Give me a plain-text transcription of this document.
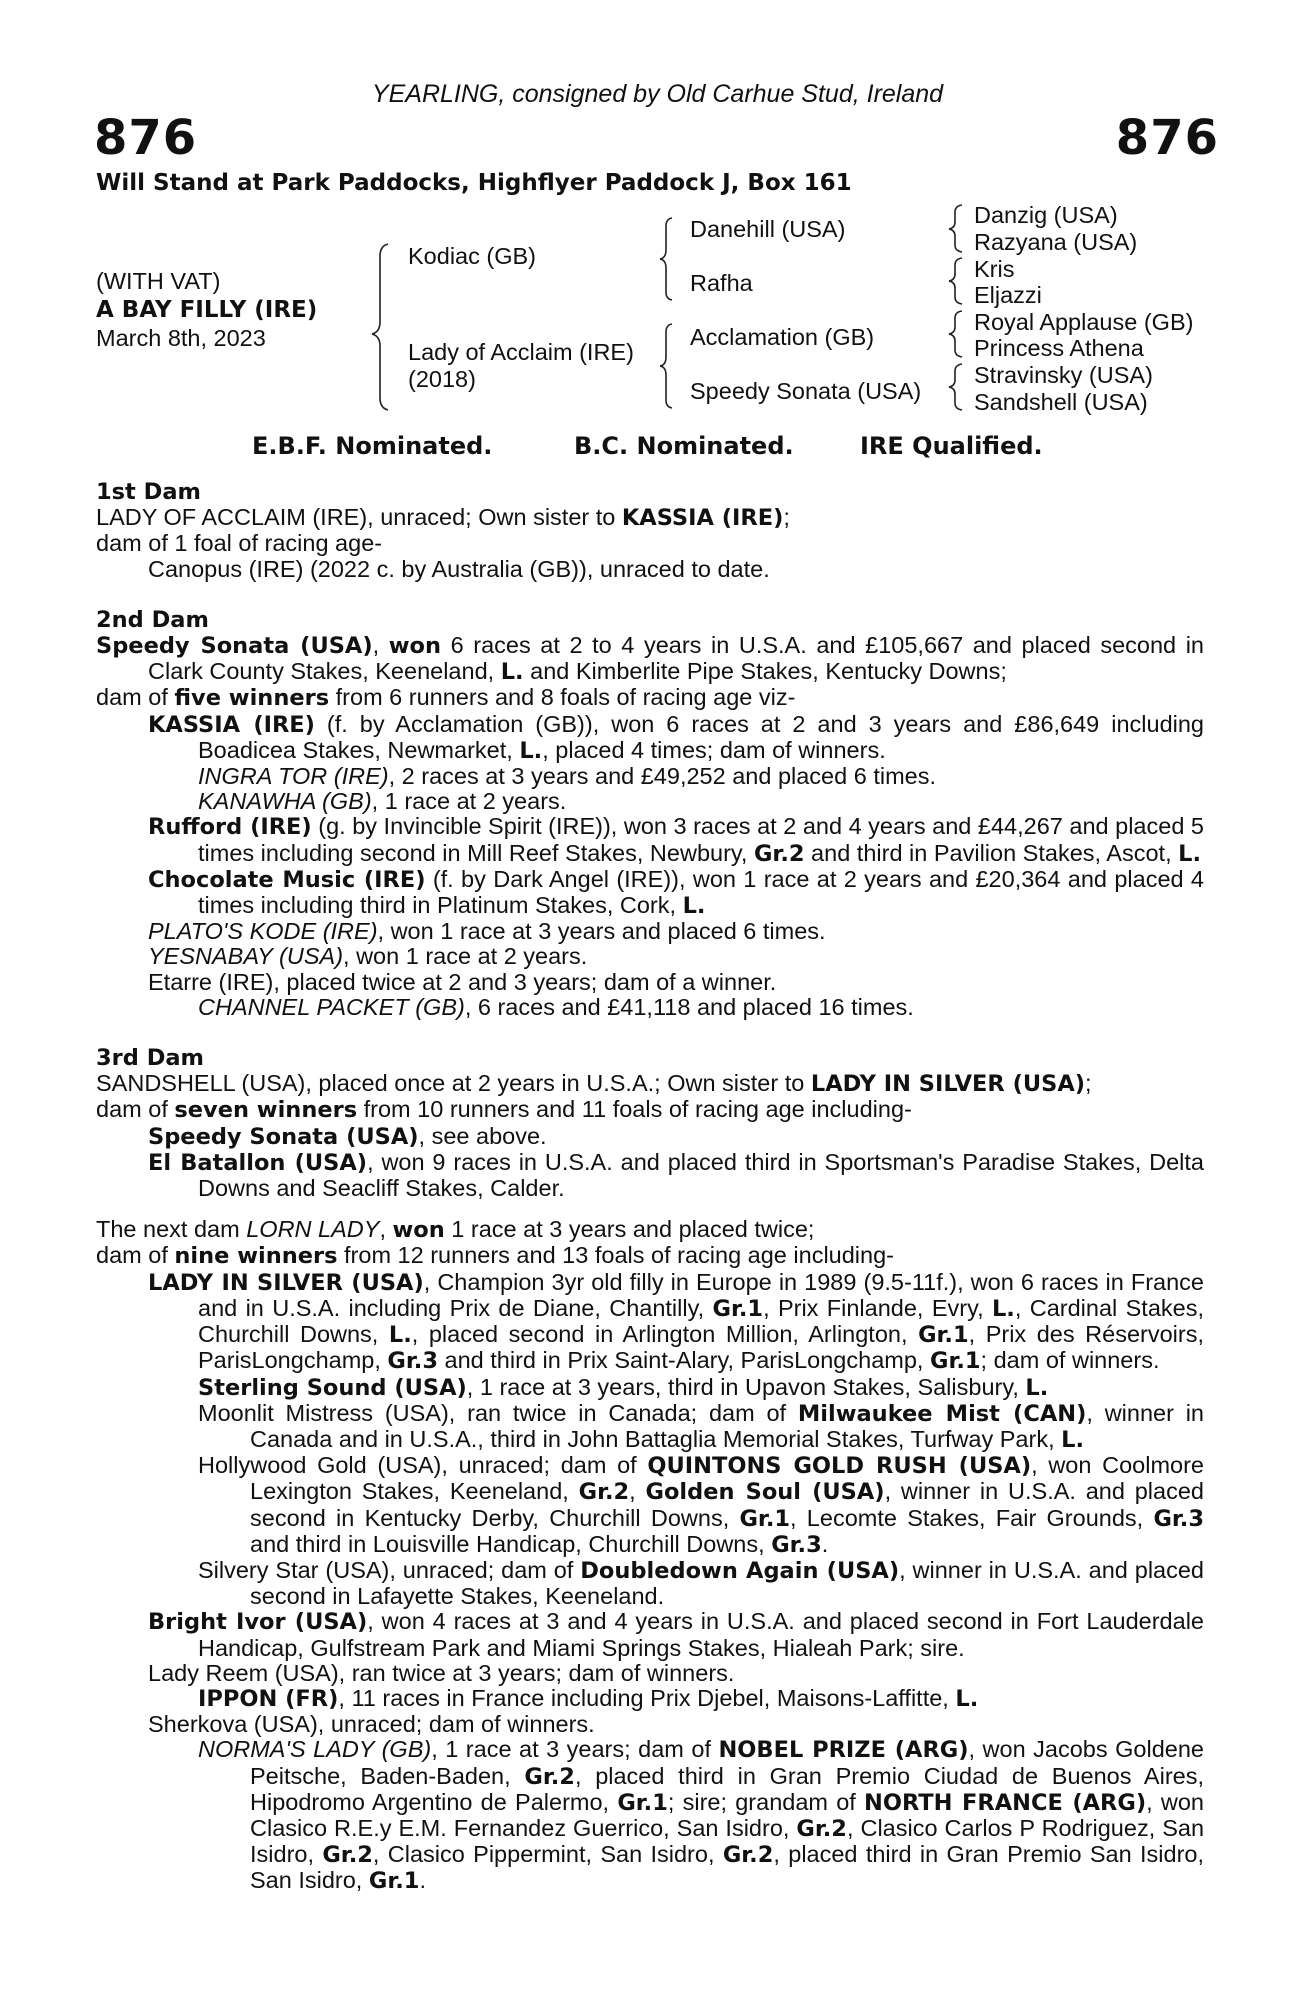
YEARLING, consigned by Old Carhue Stud, Ireland
876	876
Will Stand at Park Paddocks, Highflyer Paddock J, Box 161
(WITH VAT)
A BAY FILLY (IRE)
March 8th, 2023
Kodiac (GB)
Lady of Acclaim (IRE)
(2018)
Danehill (USA)
Rafha
Acclamation (GB)
Speedy Sonata (USA)
Danzig (USA)
Razyana (USA)
Kris
Eljazzi
Royal Applause (GB)
Princess Athena
Stravinsky (USA)
Sandshell (USA)
E.B.F. Nominated.	B.C. Nominated.	IRE Qualified.

1st Dam

LADY OF ACCLAIM (IRE), unraced; Own sister to KASSIA (IRE);

dam of 1 foal of racing age-

Canopus (IRE) (2022 c. by Australia (GB)), unraced to date.

2nd Dam

Speedy Sonata (USA), won 6 races at 2 to 4 years in U.S.A. and £105,667 and placed second in Clark County Stakes, Keeneland, L. and Kimberlite Pipe Stakes, Kentucky Downs;

dam of five winners from 6 runners and 8 foals of racing age viz-

KASSIA (IRE) (f. by Acclamation (GB)), won 6 races at 2 and 3 years and £86,649 including Boadicea Stakes, Newmarket, L., placed 4 times; dam of winners.

INGRA TOR (IRE), 2 races at 3 years and £49,252 and placed 6 times.

KANAWHA (GB), 1 race at 2 years.

Rufford (IRE) (g. by Invincible Spirit (IRE)), won 3 races at 2 and 4 years and £44,267 and placed 5 times including second in Mill Reef Stakes, Newbury, Gr.2 and third in Pavilion Stakes, Ascot, L.

Chocolate Music (IRE) (f. by Dark Angel (IRE)), won 1 race at 2 years and £20,364 and placed 4 times including third in Platinum Stakes, Cork, L.

PLATO'S KODE (IRE), won 1 race at 3 years and placed 6 times.

YESNABAY (USA), won 1 race at 2 years.

Etarre (IRE), placed twice at 2 and 3 years; dam of a winner.

CHANNEL PACKET (GB), 6 races and £41,118 and placed 16 times.

3rd Dam

SANDSHELL (USA), placed once at 2 years in U.S.A.; Own sister to LADY IN SILVER (USA);

dam of seven winners from 10 runners and 11 foals of racing age including-

Speedy Sonata (USA), see above.

El Batallon (USA), won 9 races in U.S.A. and placed third in Sportsman's Paradise Stakes, Delta Downs and Seacliff Stakes, Calder.

The next dam LORN LADY, won 1 race at 3 years and placed twice;

dam of nine winners from 12 runners and 13 foals of racing age including-

LADY IN SILVER (USA), Champion 3yr old filly in Europe in 1989 (9.5-11f.), won 6 races in France and in U.S.A. including Prix de Diane, Chantilly, Gr.1, Prix Finlande, Evry, L., Cardinal Stakes, Churchill Downs, L., placed second in Arlington Million, Arlington, Gr.1, Prix des Réservoirs, ParisLongchamp, Gr.3 and third in Prix Saint-Alary, ParisLongchamp, Gr.1; dam of winners.

Sterling Sound (USA), 1 race at 3 years, third in Upavon Stakes, Salisbury, L.

Moonlit Mistress (USA), ran twice in Canada; dam of Milwaukee Mist (CAN), winner in Canada and in U.S.A., third in John Battaglia Memorial Stakes, Turfway Park, L.

Hollywood Gold (USA), unraced; dam of QUINTONS GOLD RUSH (USA), won Coolmore Lexington Stakes, Keeneland, Gr.2, Golden Soul (USA), winner in U.S.A. and placed second in Kentucky Derby, Churchill Downs, Gr.1, Lecomte Stakes, Fair Grounds, Gr.3 and third in Louisville Handicap, Churchill Downs, Gr.3.

Silvery Star (USA), unraced; dam of Doubledown Again (USA), winner in U.S.A. and placed second in Lafayette Stakes, Keeneland.

Bright Ivor (USA), won 4 races at 3 and 4 years in U.S.A. and placed second in Fort Lauderdale Handicap, Gulfstream Park and Miami Springs Stakes, Hialeah Park; sire.

Lady Reem (USA), ran twice at 3 years; dam of winners.

IPPON (FR), 11 races in France including Prix Djebel, Maisons-Laffitte, L.

Sherkova (USA), unraced; dam of winners.

NORMA'S LADY (GB), 1 race at 3 years; dam of NOBEL PRIZE (ARG), won Jacobs Goldene Peitsche, Baden-Baden, Gr.2, placed third in Gran Premio Ciudad de Buenos Aires, Hipodromo Argentino de Palermo, Gr.1; sire; grandam of NORTH FRANCE (ARG), won Clasico R.E.y E.M. Fernandez Guerrico, San Isidro, Gr.2, Clasico Carlos P Rodriguez, San Isidro, Gr.2, Clasico Pippermint, San Isidro, Gr.2, placed third in Gran Premio San Isidro, San Isidro, Gr.1.
